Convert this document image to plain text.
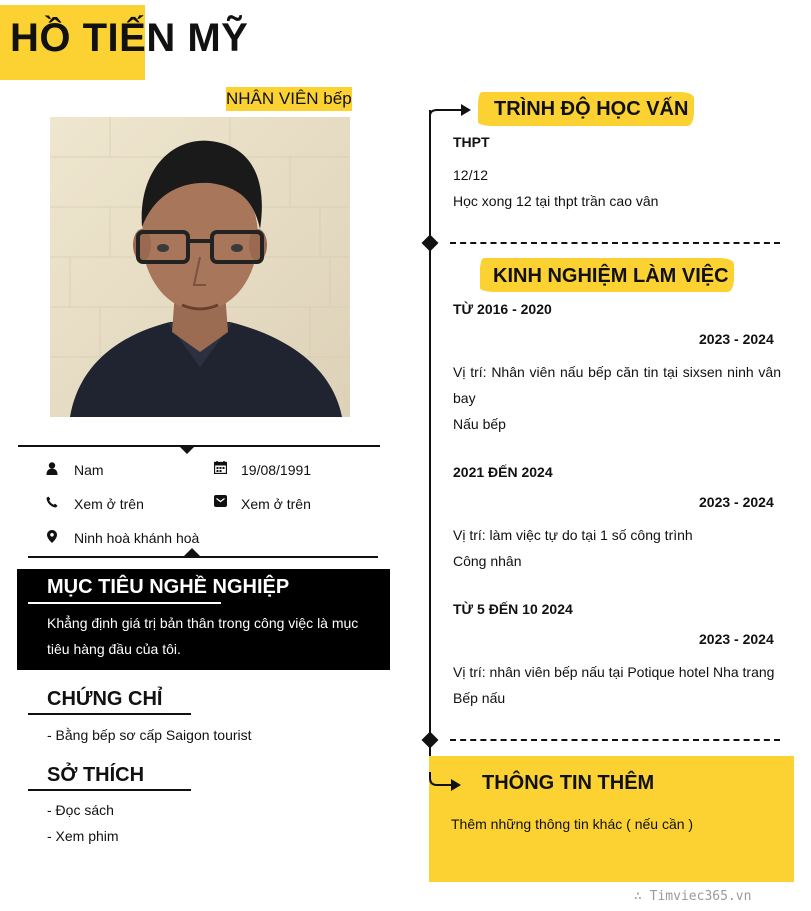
HỒ TIẾN MỸ
NHÂN VIÊN bếp
Nam	19/08/1991
Xem ở trên	Xem ở trên
Ninh hoà khánh hoà
MỤC TIÊU NGHỀ NGHIỆP
Khẳng định giá trị bản thân trong công việc là mục tiêu hàng đầu của tôi.
CHỨNG CHỈ
- Bằng bếp sơ cấp Saigon tourist
SỞ THÍCH
- Đọc sách
- Xem phim
TRÌNH ĐỘ HỌC VẤN
THPT
12/12
Học xong 12 tại thpt trần cao vân
KINH NGHIỆM LÀM VIỆC
TỪ 2016 - 2020
2023 - 2024
Vị trí: Nhân viên nấu bếp căn tin tại sixsen ninh vân bay
Nấu bếp
2021 ĐẾN 2024
2023 - 2024
Vị trí: làm việc tự do tại 1 số công trình
Công nhân
TỪ 5 ĐẾN 10 2024
2023 - 2024
Vị trí: nhân viên bếp nấu tại Potique hotel Nha trang
Bếp nấu
THÔNG TIN THÊM
Thêm những thông tin khác ( nếu cần )
∴ Timviec365.vn
